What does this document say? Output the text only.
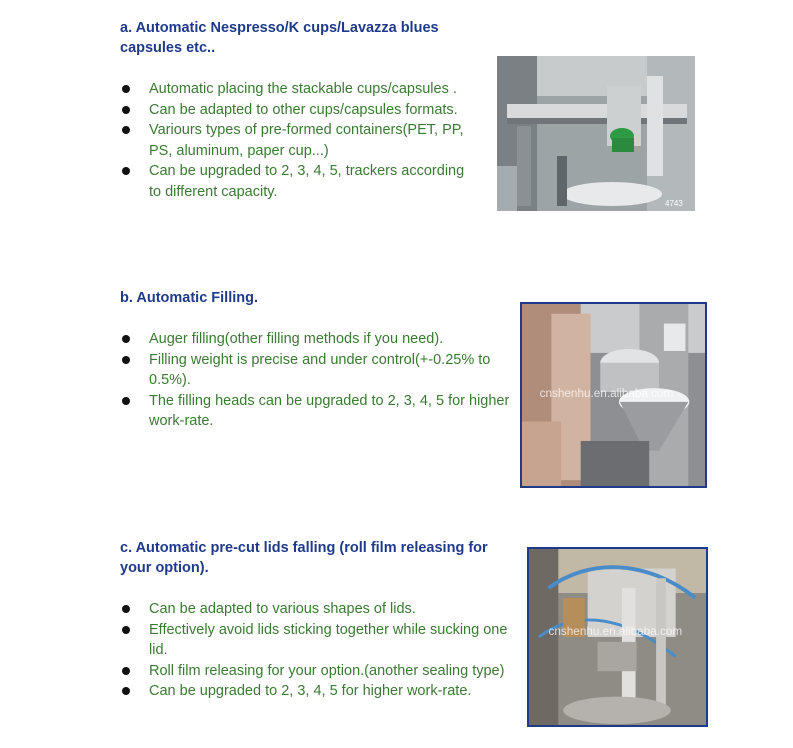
a. Automatic Nespresso/K cups/Lavazza blues capsules etc..

Automatic placing the stackable cups/capsules .
Can be adapted to other cups/capsules formats.
Variours types of pre-formed containers(PET, PP, PS, aluminum, paper cup...)
Can be upgraded to 2, 3, 4, 5, trackers according to different capacity.
4743

b. Automatic Filling.

Auger filling(other filling methods if you need).
Filling weight is precise and under control(+-0.25% to 0.5%).
The filling heads can be upgraded to 2, 3, 4, 5 for higher work-rate.
cnshenhu.en.alibaba.com

c. Automatic pre-cut lids falling (roll film releasing for your option).

Can be adapted to various shapes of lids.
Effectively avoid lids sticking together while sucking one lid.
Roll film releasing for your option.(another sealing type)
Can be upgraded to 2, 3, 4, 5 for higher work-rate.
cnshenhu.en.alibaba.com
